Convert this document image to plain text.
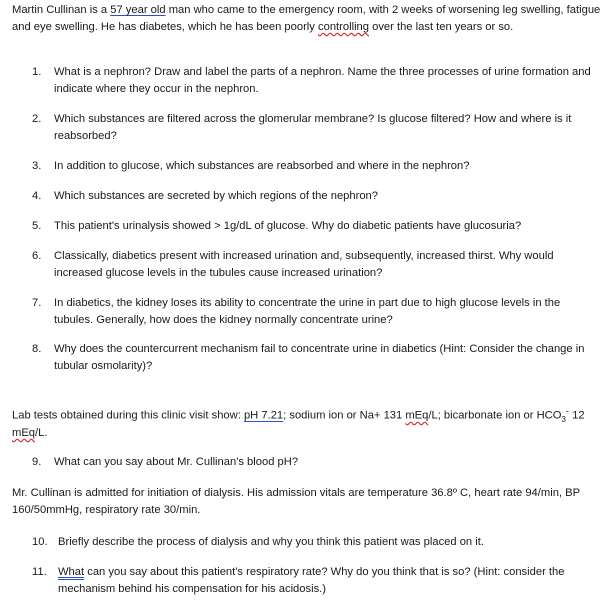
Martin Cullinan is a 57 year old man who came to the emergency room, with 2 weeks of worsening leg swelling, fatigue and eye swelling. He has diabetes, which he has been poorly controlling over the last ten years or so.

1.	What is a nephron? Draw and label the parts of a nephron. Name the three processes of urine formation and indicate where they occur in the nephron.
2.	Which substances are filtered across the glomerular membrane? Is glucose filtered? How and where is it reabsorbed?
3.	In addition to glucose, which substances are reabsorbed and where in the nephron?
4.	Which substances are secreted by which regions of the nephron?
5.	This patient's urinalysis showed > 1g/dL of glucose. Why do diabetic patients have glucosuria?
6.	Classically, diabetics present with increased urination and, subsequently, increased thirst. Why would increased glucose levels in the tubules cause increased urination?
7.	In diabetics, the kidney loses its ability to concentrate the urine in part due to high glucose levels in the tubules. Generally, how does the kidney normally concentrate urine?
8.	Why does the countercurrent mechanism fail to concentrate urine in diabetics (Hint: Consider the change in tubular osmolarity)?

Lab tests obtained during this clinic visit show: pH 7.21; sodium ion or Na+ 131 mEq/L; bicarbonate ion or $HCO_3^-$ 12 mEq/L.

9.	What can you say about Mr. Cullinan's blood pH?

Mr. Cullinan is admitted for initiation of dialysis. His admission vitals are temperature 36.8º C, heart rate 94/min, BP 160/50mmHg, respiratory rate 30/min.

10. Briefly describe the process of dialysis and why you think this patient was placed on it.
11.	What can you say about this patient's respiratory rate? Why do you think that is so? (Hint: consider the mechanism behind his compensation for his acidosis.)
